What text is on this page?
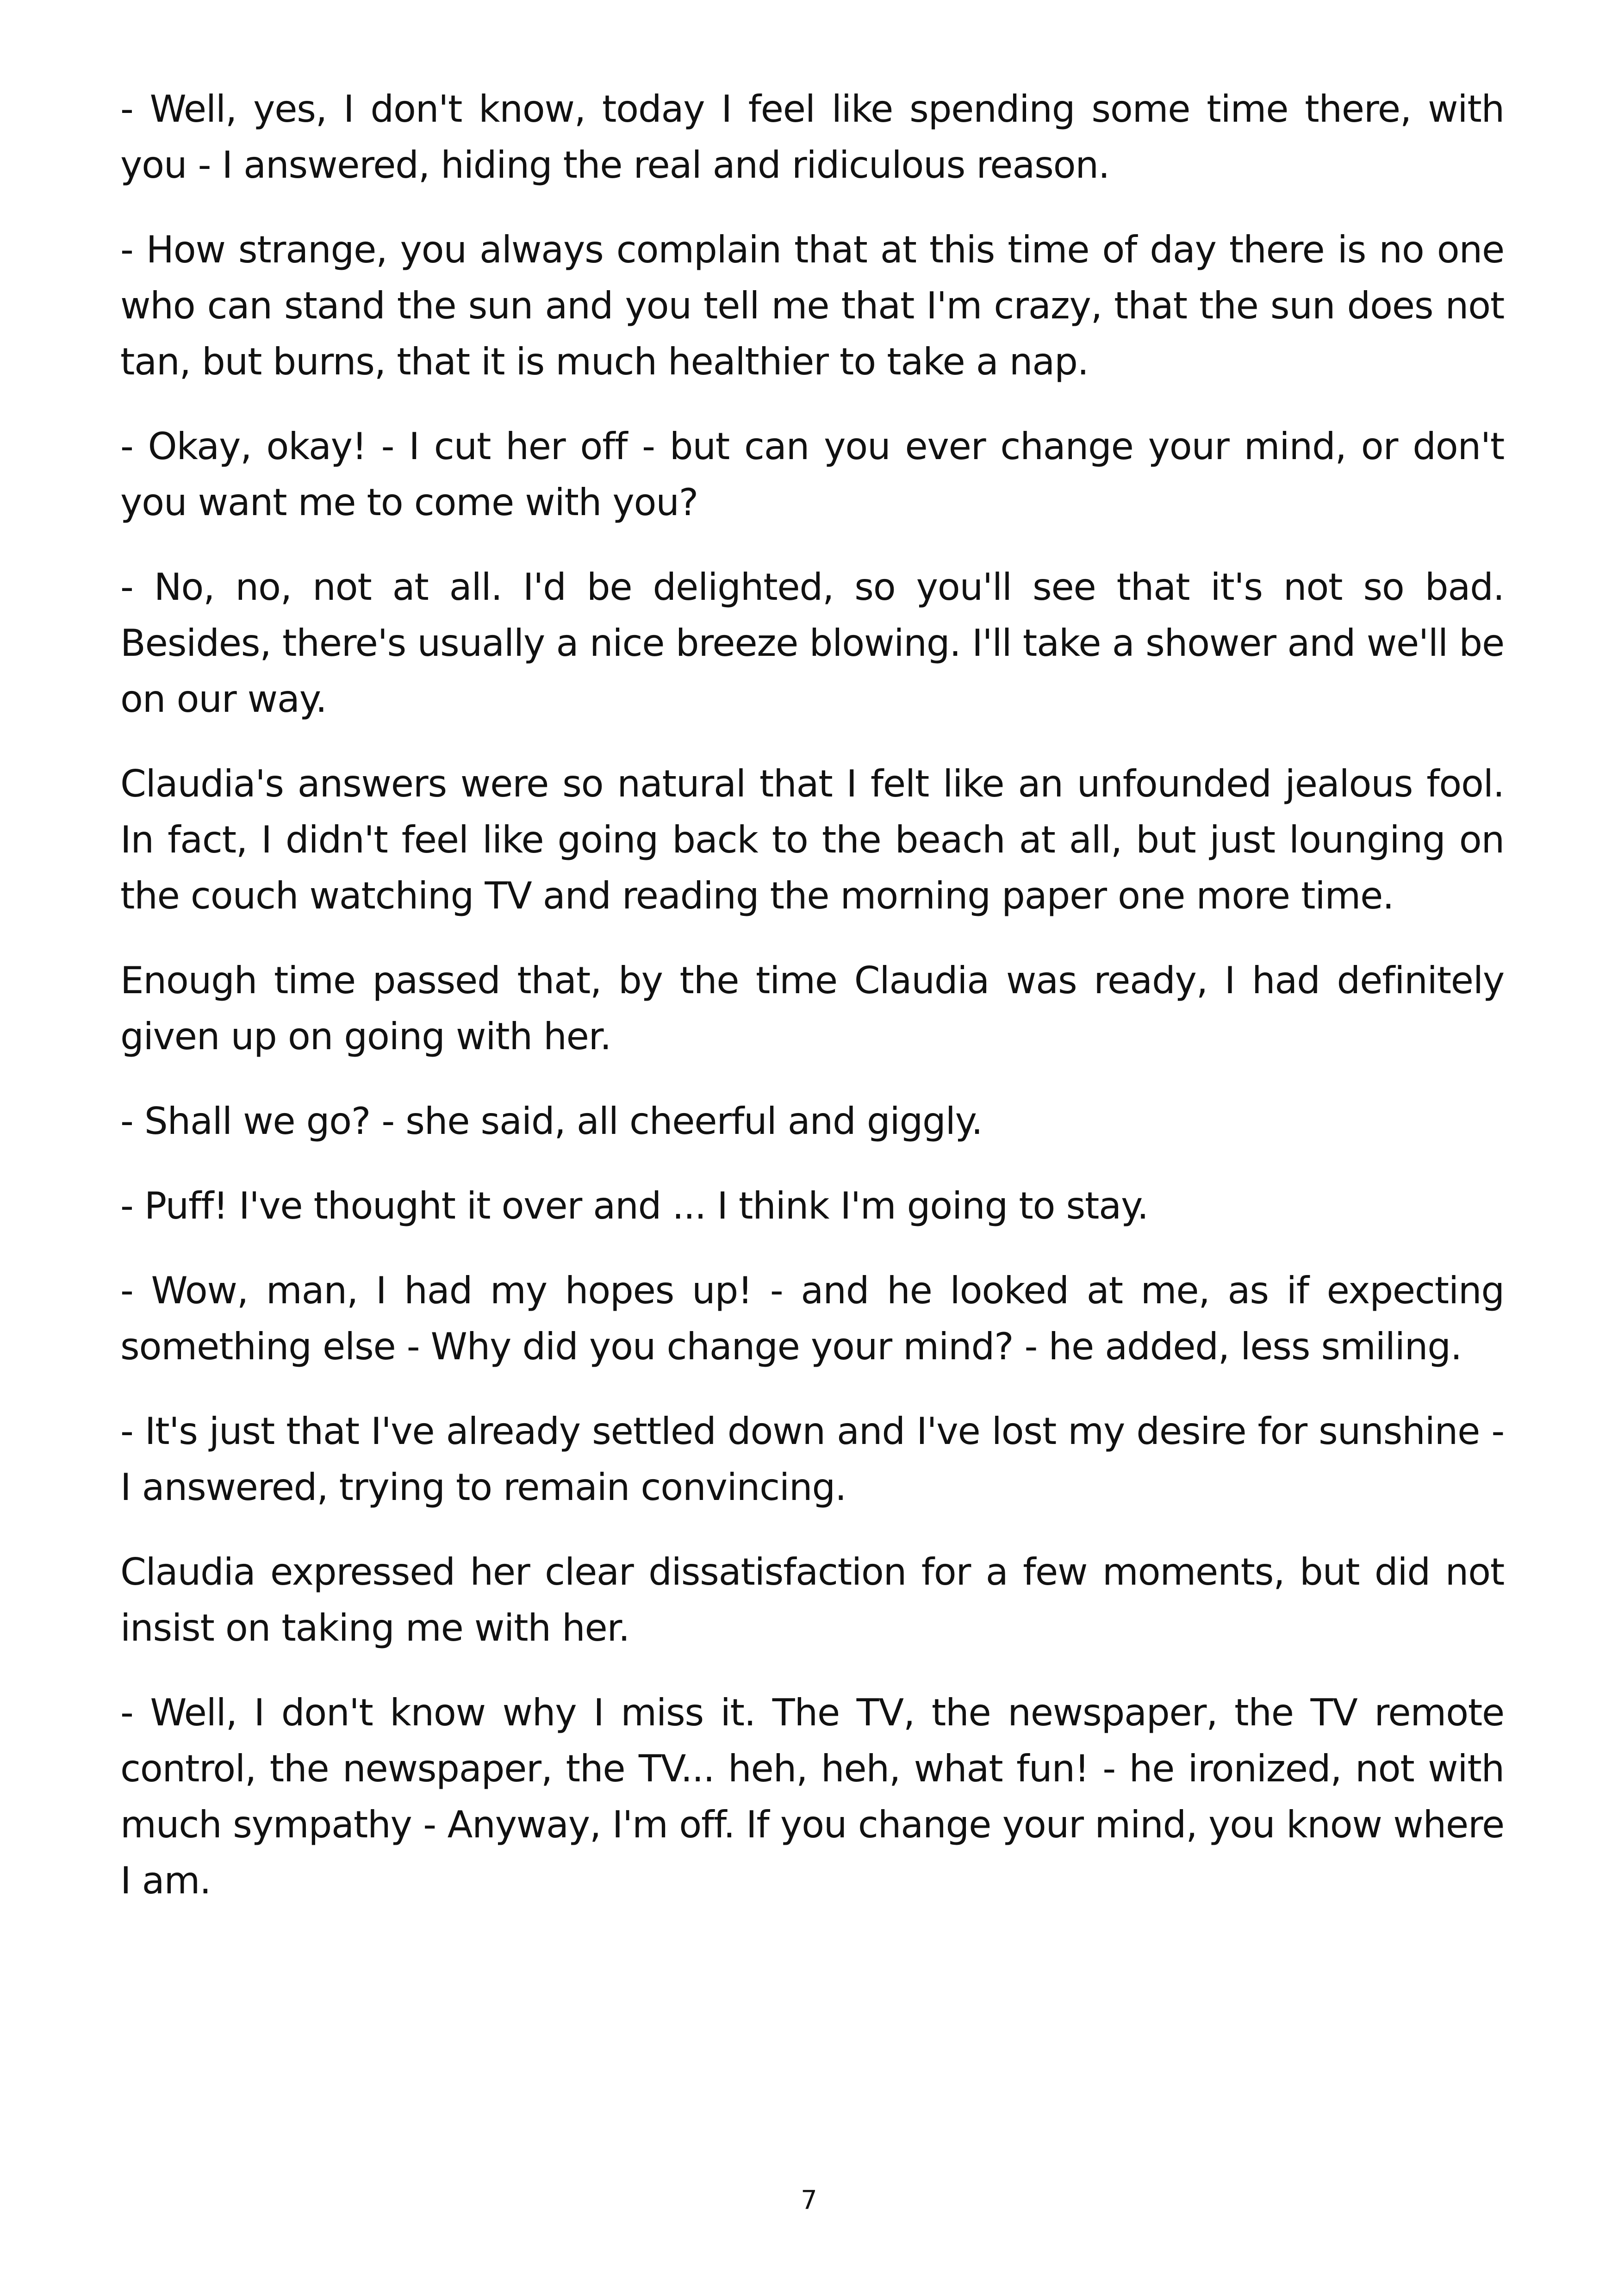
- Well, yes, I don't know, today I feel like spending some time there, with you - I answered, hiding the real and ridiculous reason.

- How strange, you always complain that at this time of day there is no one who can stand the sun and you tell me that I'm crazy, that the sun does not tan, but burns, that it is much healthier to take a nap.

- Okay, okay! - I cut her off - but can you ever change your mind, or don't you want me to come with you?

- No, no, not at all. I'd be delighted, so you'll see that it's not so bad. Besides, there's usually a nice breeze blowing. I'll take a shower and we'll be on our way.

Claudia's answers were so natural that I felt like an unfounded jealous fool. In fact, I didn't feel like going back to the beach at all, but just lounging on the couch watching TV and reading the morning paper one more time.

Enough time passed that, by the time Claudia was ready, I had definitely given up on going with her.

- Shall we go? - she said, all cheerful and giggly.

- Puff! I've thought it over and ... I think I'm going to stay.

- Wow, man, I had my hopes up! - and he looked at me, as if expecting something else - Why did you change your mind? - he added, less smiling.

- It's just that I've already settled down and I've lost my desire for sunshine - I answered, trying to remain convincing.

Claudia expressed her clear dissatisfaction for a few moments, but did not insist on taking me with her.

- Well, I don't know why I miss it. The TV, the newspaper, the TV remote control, the newspaper, the TV... heh, heh, what fun! - he ironized, not with much sympathy - Anyway, I'm off. If you change your mind, you know where I am.

7
